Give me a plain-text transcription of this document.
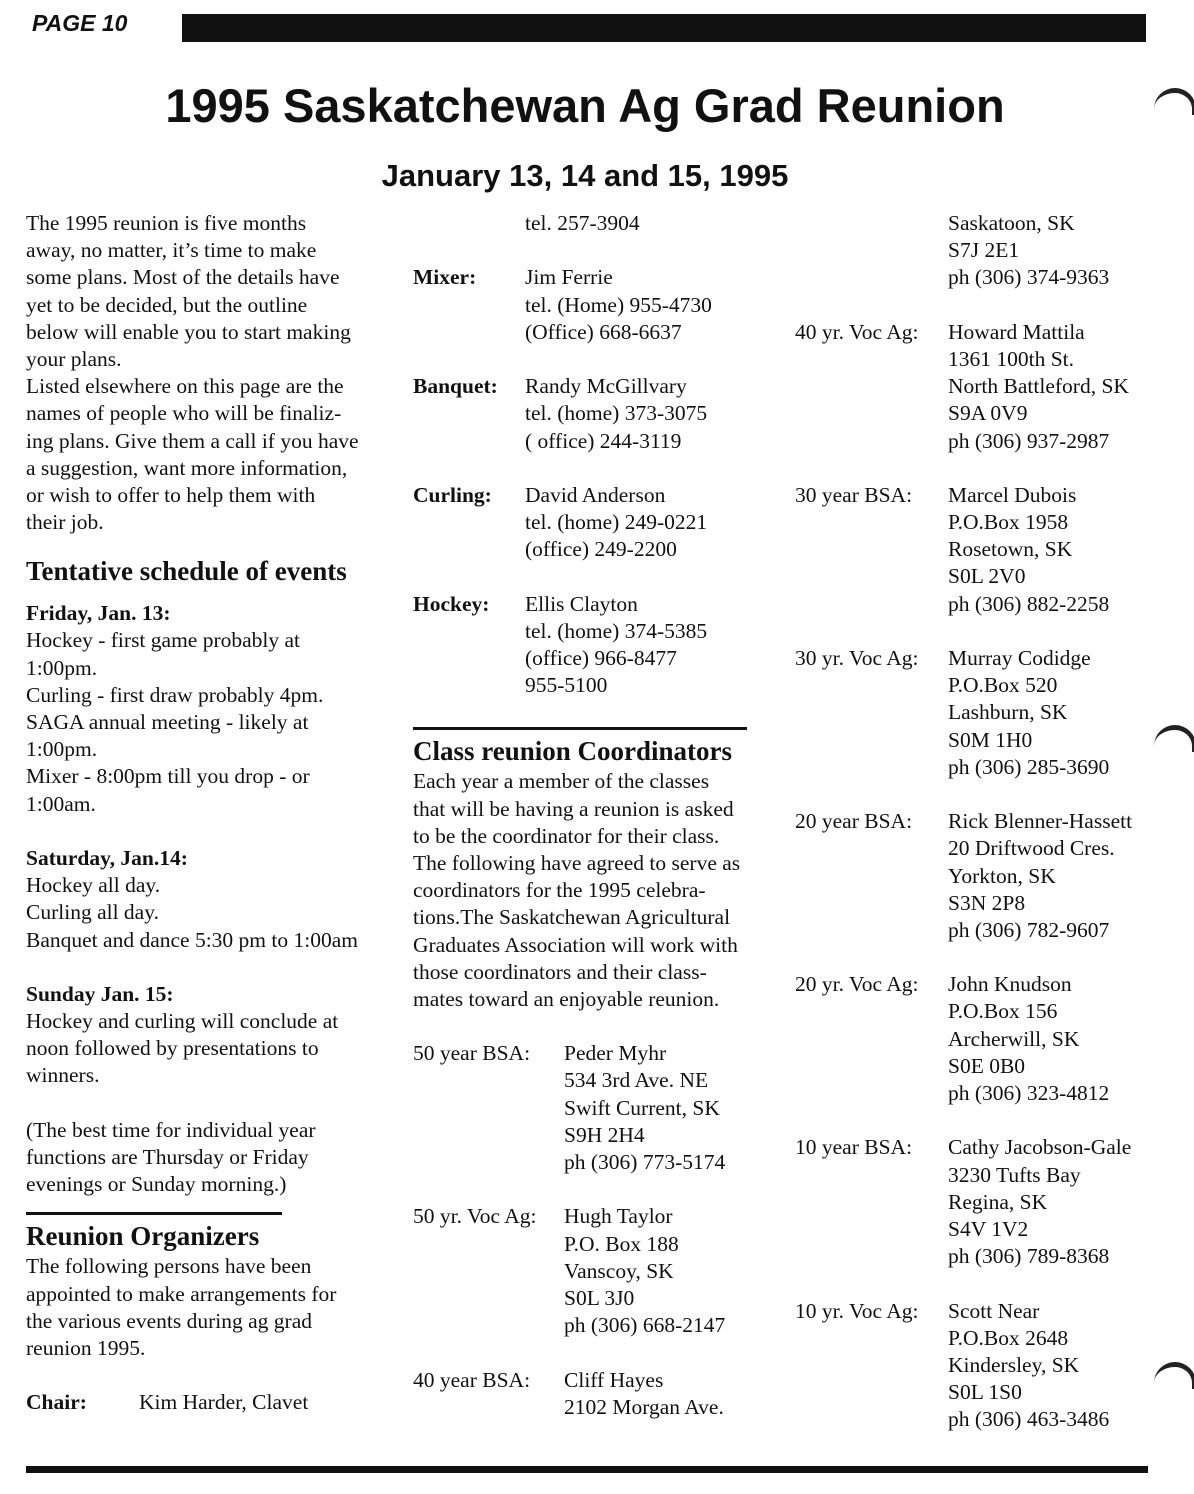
PAGE 10
1995 Saskatchewan Ag Grad Reunion
January 13, 14 and 15, 1995
The 1995 reunion is five months
away, no matter, it’s time to make
some plans. Most of the details have
yet to be decided, but the outline
below will enable you to start making
your plans.
Listed elsewhere on this page are the
names of people who will be finaliz-
ing plans. Give them a call if you have
a suggestion, want more information,
or wish to offer to help them with
their job.
Tentative schedule of events
Friday, Jan. 13:
Hockey - first game probably at
1:00pm.
Curling - first draw probably 4pm.
SAGA annual meeting - likely at
1:00pm.
Mixer - 8:00pm till you drop - or
1:00am.
Saturday, Jan.14:
Hockey all day.
Curling all day.
Banquet and dance 5:30 pm to 1:00am
Sunday Jan. 15:
Hockey and curling will conclude at
noon followed by presentations to
winners.
(The best time for individual year
functions are Thursday or Friday
evenings or Sunday morning.)
Reunion Organizers
The following persons have been
appointed to make arrangements for
the various events during ag grad
reunion 1995.
Chair:	Kim Harder, Clavet
tel. 257-3904
Mixer:	Jim Ferrie
tel. (Home) 955-4730
(Office) 668-6637
Banquet:	Randy McGillvary
tel. (home) 373-3075
( office) 244-3119
Curling:	David Anderson
tel. (home) 249-0221
(office) 249-2200
Hockey:	Ellis Clayton
tel. (home) 374-5385
(office) 966-8477
955-5100
Class reunion Coordinators
Each year a member of the classes
that will be having a reunion is asked
to be the coordinator for their class.
The following have agreed to serve as
coordinators for the 1995 celebra-
tions.The Saskatchewan Agricultural
Graduates Association will work with
those coordinators and their class-
mates toward an enjoyable reunion.
50 year BSA:	Peder Myhr
534 3rd Ave. NE
Swift Current, SK
S9H 2H4
ph (306) 773-5174
50 yr. Voc Ag:	Hugh Taylor
P.O. Box 188
Vanscoy, SK
S0L 3J0
ph (306) 668-2147
40 year BSA:	Cliff Hayes
2102 Morgan Ave.
Saskatoon, SK
S7J 2E1
ph (306) 374-9363
40 yr. Voc Ag:	Howard Mattila
1361 100th St.
North Battleford, SK
S9A 0V9
ph (306) 937-2987
30 year BSA:	Marcel Dubois
P.O.Box 1958
Rosetown, SK
S0L 2V0
ph (306) 882-2258
30 yr. Voc Ag:	Murray Codidge
P.O.Box 520
Lashburn, SK
S0M 1H0
ph (306) 285-3690
20 year BSA:	Rick Blenner-Hassett
20 Driftwood Cres.
Yorkton, SK
S3N 2P8
ph (306) 782-9607
20 yr. Voc Ag:	John Knudson
P.O.Box 156
Archerwill, SK
S0E 0B0
ph (306) 323-4812
10 year BSA:	Cathy Jacobson-Gale
3230 Tufts Bay
Regina, SK
S4V 1V2
ph (306) 789-8368
10 yr. Voc Ag:	Scott Near
P.O.Box 2648
Kindersley, SK
S0L 1S0
ph (306) 463-3486
